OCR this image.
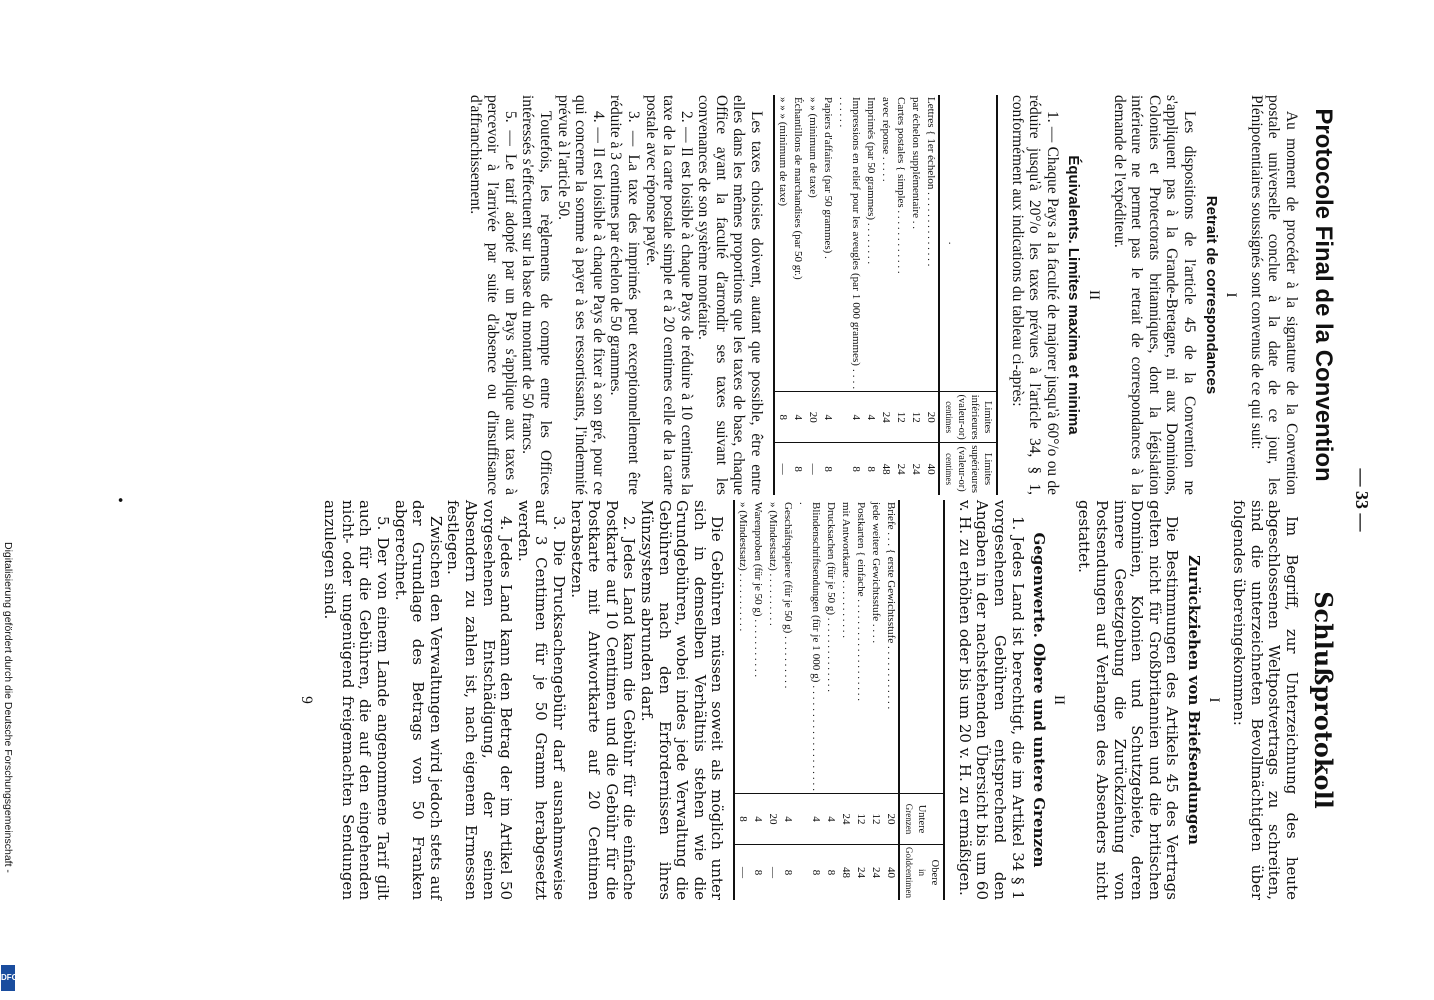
— 33 —
Protocole Final de la Convention

Au moment de procéder à la signature de la Convention postale universelle conclue à la date de ce jour, les Plénipotentiaires soussignés sont convenus de ce qui suit:

I
Retrait de correspondances

Les dispositions de l'article 45 de la Convention ne s'appliquent pas à la Grande-Bretagne, ni aux Dominions, Colonies et Protectorats britanniques, dont la législation intérieure ne permet pas le retrait de correspondances à la demande de l'expéditeur.

II
Équivalents. Limites maxima et minima

1. — Chaque Pays a la faculté de majorer jusqu'à 60°/o ou de réduire jusqu'à 20°/o les taxes prévues à l'article 34, § 1, conformément aux indications du tableau ci-après:

·	Limites inférieures (valeur-or)
centimes	Limites supérieures (valeur-or)
centimes

Lettres { 1er échelon . . . . . . . . . . . . . .	20	40
par échelon supplémentaire . .	12	24
Cartes postales { simples . . . . . . . . . . . .	12	24
avec réponse . . . . .	24	48
Imprimés (par 50 grammes) . . . . . . . .	4	8
Impressions en relief pour les aveugles (par 1 000 grammes) . . . . . . . . . .	4	8
Papiers d'affaires (par 50 grammes) .	4	8
» » (minimum de taxe)	20	—
Échantillons de marchandises (par 50 gr.)	4	8
» » » (minimum de taxe)	8	—

Les taxes choisies doivent, autant que possible, être entre elles dans les mêmes proportions que les taxes de base, chaque Office ayant la faculté d'arrondir ses taxes suivant les convenances de son système monétaire.

2. — Il est loisible à chaque Pays de réduire à 10 centimes la taxe de la carte postale simple et à 20 centimes celle de la carte postale avec réponse payée.

3. — La taxe des imprimés peut exceptionnellement être réduite à 3 centimes par échelon de 50 grammes.

4. — Il est loisible à chaque Pays de fixer à son gré, pour ce qui concerne la somme à payer à ses ressortissants, l'indemnité prévue à l'article 50.

Toutefois, les règlements de compte entre les Offices intéressés s'effectuent sur la base du montant de 50 francs.

5. — Le tarif adopté par un Pays s'applique aux taxes à percevoir à l'arrivée par suite d'absence ou d'insuffisance d'affranchissement.

Schlußprotokoll

Im Begriff, zur Unterzeichnung des heute abgeschlossenen Weltpostvertrags zu schreiten, sind die unterzeichneten Bevollmächtigten über folgendes übereingekommen:

I
Zurückziehen von Briefsendungen

Die Bestimmungen des Artikels 45 des Vertrags gelten nicht für Großbritannien und die britischen Dominien, Kolonien und Schutzgebiete, deren innere Gesetzgebung die Zurückziehung von Postsendungen auf Verlangen des Absenders nicht gestattet.

II
Gegenwerte. Obere und untere Grenzen

1. Jedes Land ist berechtigt, die im Artikel 34 § 1 vorgesehenen Gebühren entsprechend den Angaben in der nachstehenden Übersicht bis um 60 v. H. zu erhöhen oder bis um 20 v. H. zu ermäßigen.

	Untere
Grenzen	Obere
in Goldcentimen

Briefe . . . { erste Gewichtsstufe . . . . . . . . . . . .	20	40
jede weitere Gewichtsstufe . . . .	12	24
Postkarten { einfache . . . . . . . . . . . . . . . . . . .	12	24
mit Antwortkarte . . . . . . . . . . .	24	48
Drucksachen (für je 50 g) . . . . . . . . . . . . . .	4	8
Blindenschriftsendungen (für je 1 000 g) . . . . . . . . . . . . . . . . . . . .	4	8
Geschäftspapiere (für je 50 g) . . . . . . . . . .	4	8
» (Mindestsatz) . . . . . . . . . .	20	—
Warenproben (für je 50 g) . . . . . . . . . . .	4	8
» (Mindestsatz) . . . . . . . . . . .	8	—

Die Gebühren müssen soweit als möglich unter sich in demselben Verhältnis stehen wie die Grundgebühren, wobei indes jede Verwaltung die Gebühren nach den Erfordernissen ihres Münzsystems abrunden darf.

2. Jedes Land kann die Gebühr für die einfache Postkarte auf 10 Centimen und die Gebühr für die Postkarte mit Antwortkarte auf 20 Centimen herabsetzen.

3. Die Drucksachengebühr darf ausnahmsweise auf 3 Centimen für je 50 Gramm herabgesetzt werden.

4. Jedes Land kann den Betrag der im Artikel 50 vorgesehenen Entschädigung, der seinen Absendern zu zahlen ist, nach eigenem Ermessen festlegen.

Zwischen den Verwaltungen wird jedoch stets auf der Grundlage des Betrags von 50 Franken abgerechnet.

5. Der von einem Lande angenommene Tarif gilt auch für die Gebühren, die auf den eingehenden nicht- oder ungenügend freigemachten Sendungen anzulegen sind.

9
•
Digitalisierung gefördert durch die Deutsche Forschungsgemeinschaft -
DFG
